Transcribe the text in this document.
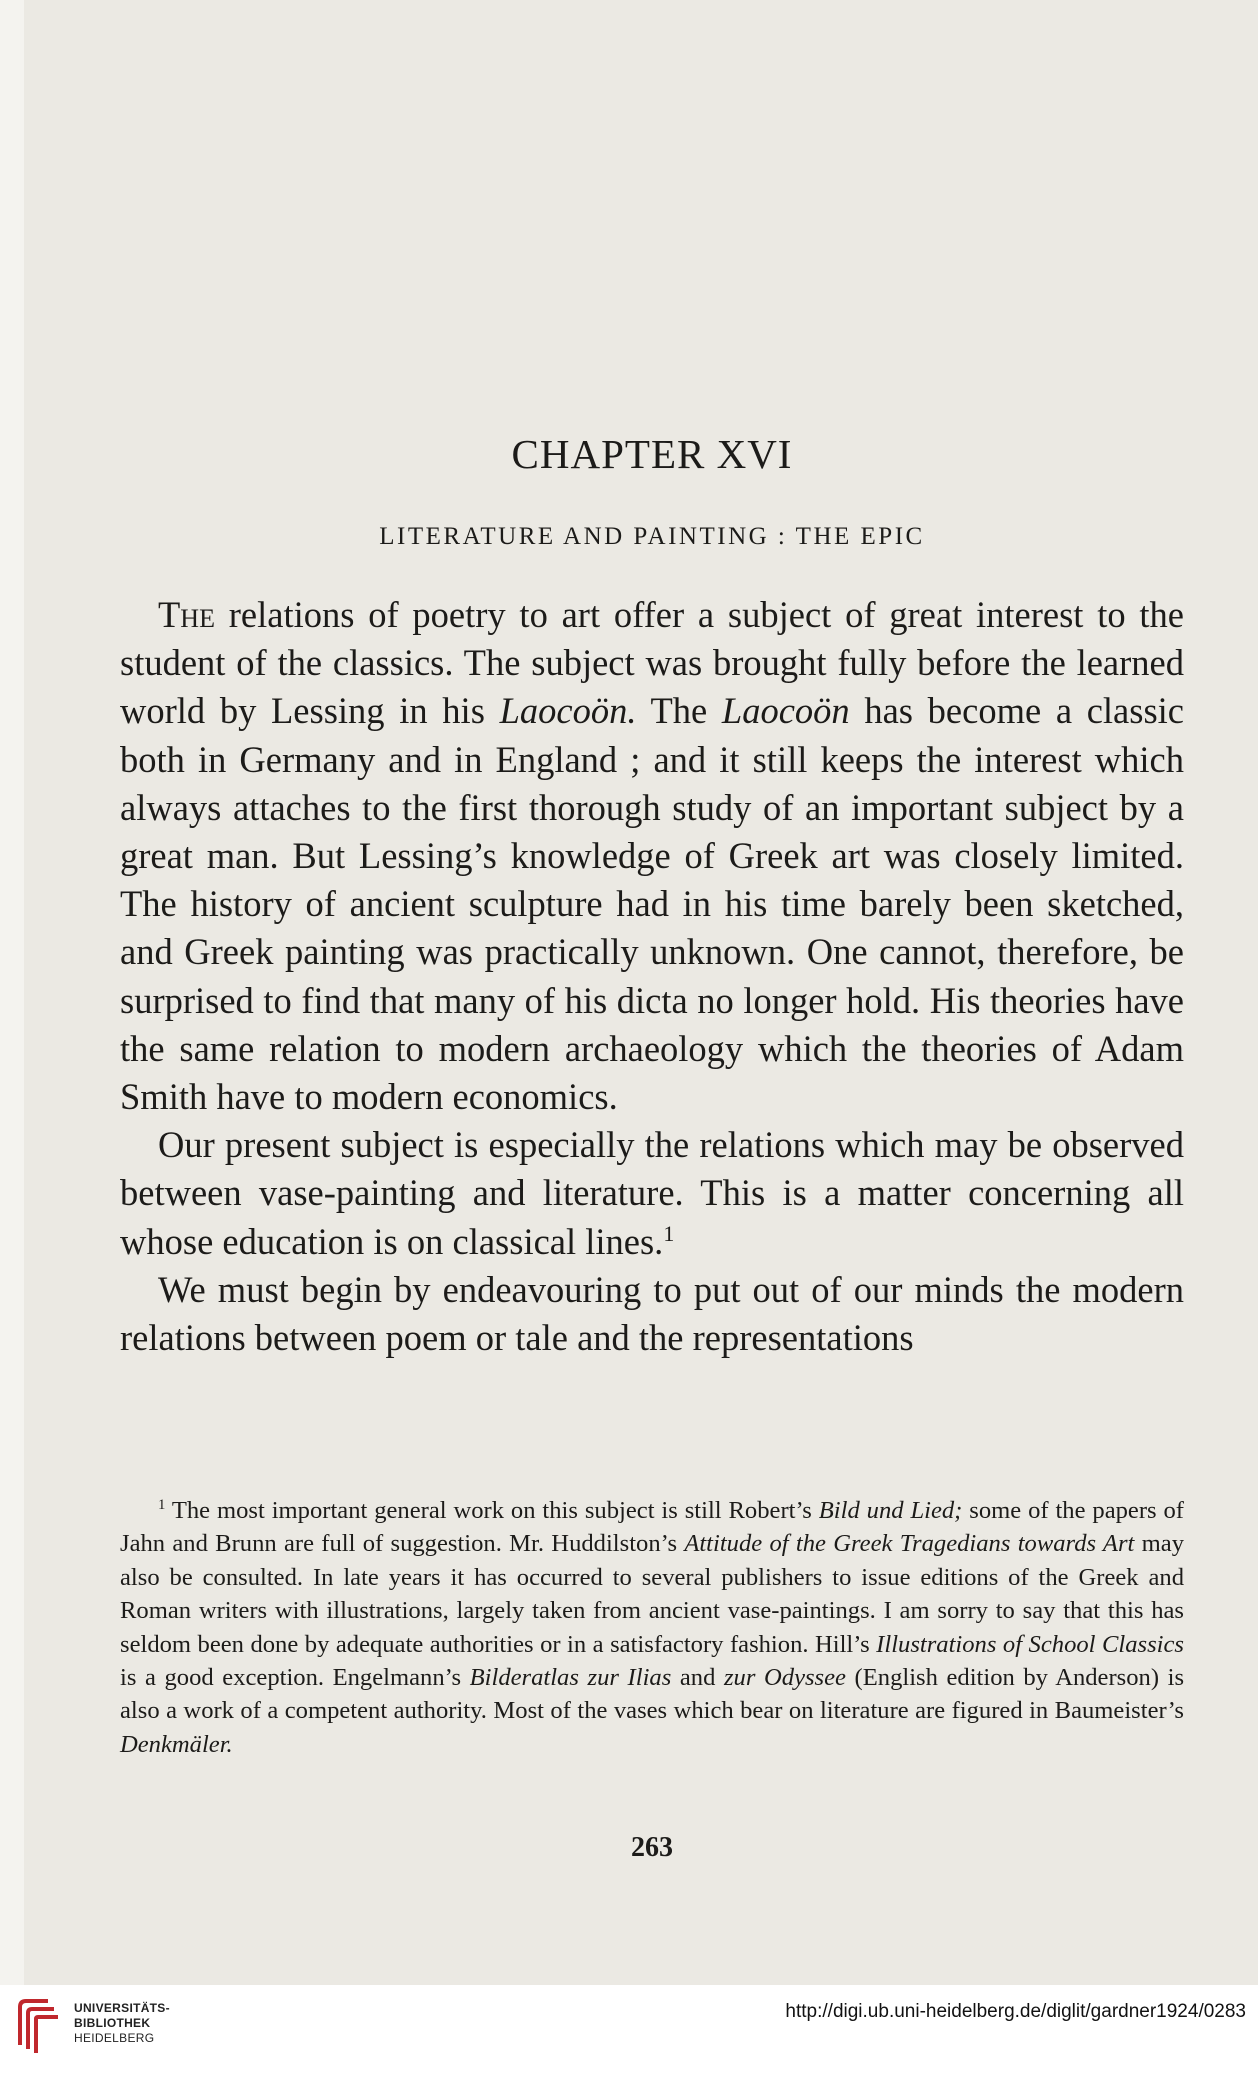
CHAPTER XVI
LITERATURE AND PAINTING : THE EPIC

The relations of poetry to art offer a subject of great interest to the student of the classics. The subject was brought fully before the learned world by Lessing in his Laocoön. The Laocoön has become a classic both in Germany and in England ; and it still keeps the interest which always attaches to the first thorough study of an important subject by a great man. But Lessing’s knowledge of Greek art was closely limited. The history of ancient sculpture had in his time barely been sketched, and Greek painting was practically unknown. One cannot, therefore, be surprised to find that many of his dicta no longer hold. His theories have the same relation to modern archaeology which the theories of Adam Smith have to modern economics.

Our present subject is especially the relations which may be observed between vase-painting and literature. This is a matter concerning all whose education is on classical lines.$^1$

We must begin by endeavouring to put out of our minds the modern relations between poem or tale and the representations

$^1$ The most important general work on this subject is still Robert’s Bild und Lied; some of the papers of Jahn and Brunn are full of suggestion. Mr. Huddilston’s Attitude of the Greek Tragedians towards Art may also be consulted. In late years it has occurred to several publishers to issue editions of the Greek and Roman writers with illustrations, largely taken from ancient vase-paintings. I am sorry to say that this has seldom been done by adequate authorities or in a satisfactory fashion. Hill’s Illustrations of School Classics is a good exception. Engelmann’s Bilderatlas zur Ilias and zur Odyssee (English edition by Anderson) is also a work of a competent authority. Most of the vases which bear on literature are figured in Baumeister’s Denkmäler.

263
UNIVERSITÄTS-
BIBLIOTHEK
HEIDELBERG
http://digi.ub.uni-heidelberg.de/diglit/gardner1924/0283
